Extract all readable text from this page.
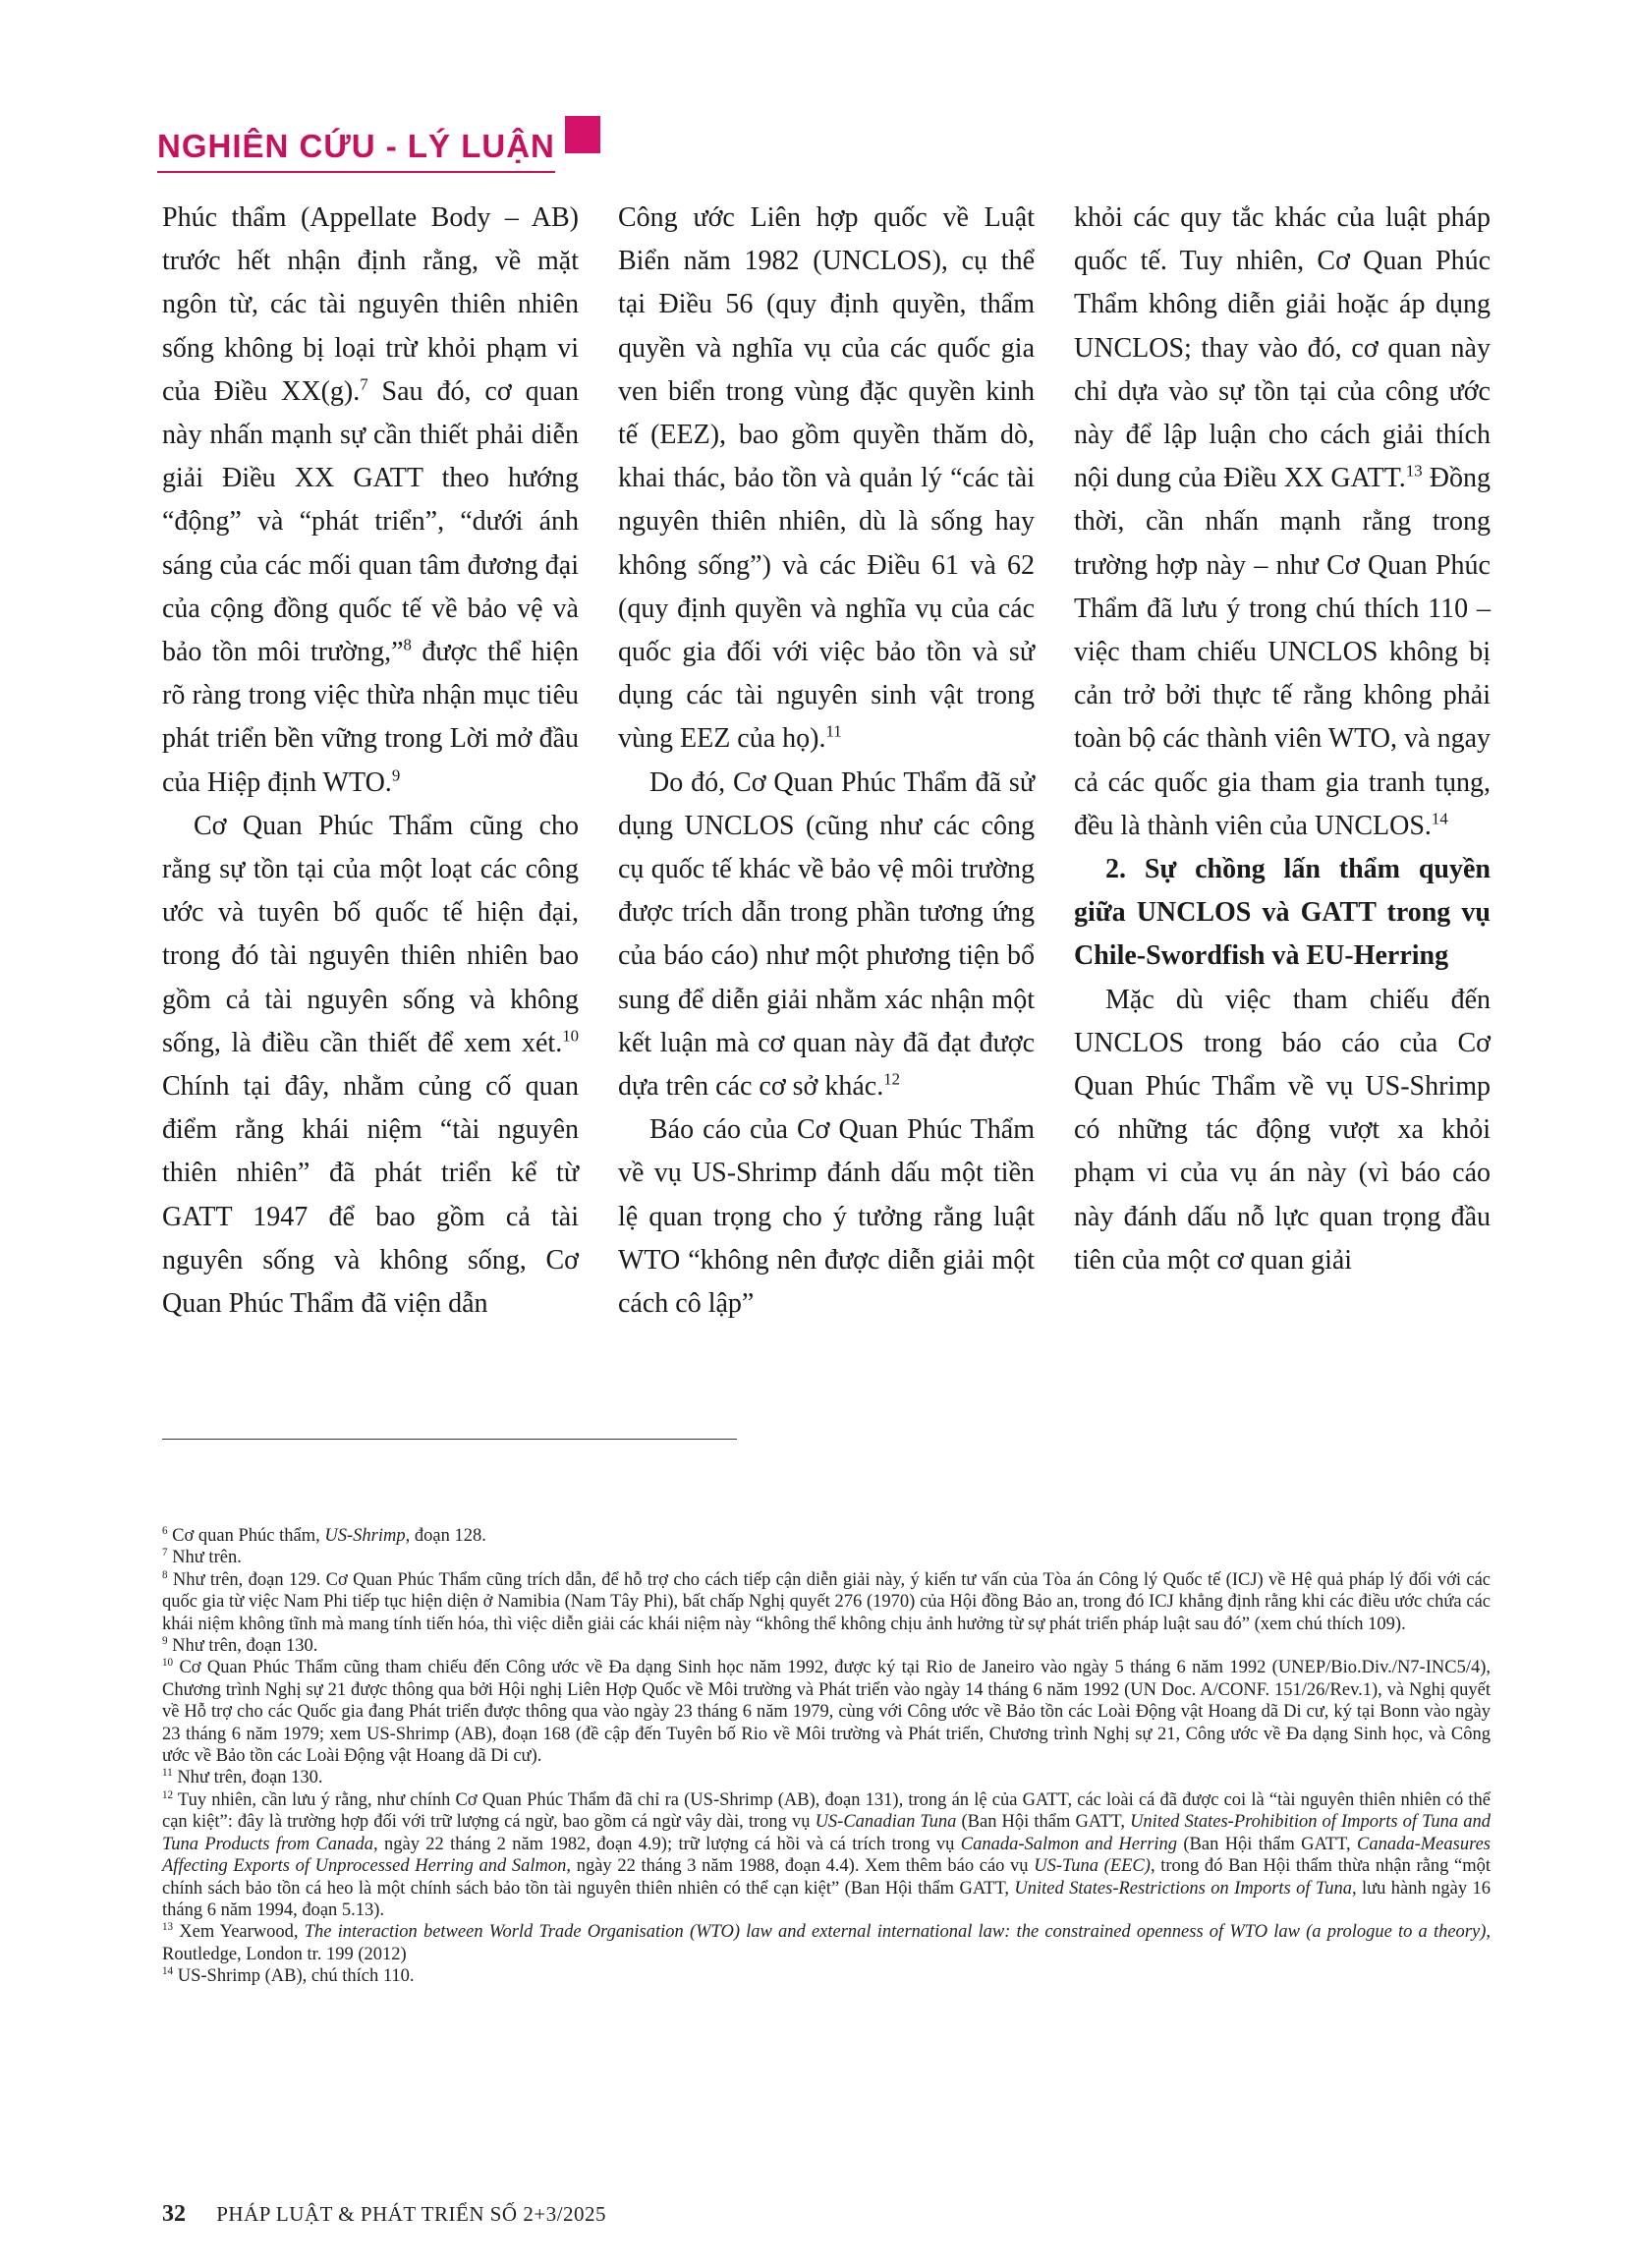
NGHIÊN CỨU - LÝ LUẬN

Phúc thẩm (Appellate Body – AB) trước hết nhận định rằng, về mặt ngôn từ, các tài nguyên thiên nhiên sống không bị loại trừ khỏi phạm vi của Điều XX(g).$^7$ Sau đó, cơ quan này nhấn mạnh sự cần thiết phải diễn giải Điều XX GATT theo hướng “động” và “phát triển”, “dưới ánh sáng của các mối quan tâm đương đại của cộng đồng quốc tế về bảo vệ và bảo tồn môi trường,”$^8$ được thể hiện rõ ràng trong việc thừa nhận mục tiêu phát triển bền vững trong Lời mở đầu của Hiệp định WTO.$^9$

Cơ Quan Phúc Thẩm cũng cho rằng sự tồn tại của một loạt các công ước và tuyên bố quốc tế hiện đại, trong đó tài nguyên thiên nhiên bao gồm cả tài nguyên sống và không sống, là điều cần thiết để xem xét.$^{10}$ Chính tại đây, nhằm củng cố quan điểm rằng khái niệm “tài nguyên thiên nhiên” đã phát triển kể từ GATT 1947 để bao gồm cả tài nguyên sống và không sống, Cơ Quan Phúc Thẩm đã viện dẫn

Công ước Liên hợp quốc về Luật Biển năm 1982 (UNCLOS), cụ thể tại Điều 56 (quy định quyền, thẩm quyền và nghĩa vụ của các quốc gia ven biển trong vùng đặc quyền kinh tế (EEZ), bao gồm quyền thăm dò, khai thác, bảo tồn và quản lý “các tài nguyên thiên nhiên, dù là sống hay không sống”) và các Điều 61 và 62 (quy định quyền và nghĩa vụ của các quốc gia đối với việc bảo tồn và sử dụng các tài nguyên sinh vật trong vùng EEZ của họ).$^{11}$

Do đó, Cơ Quan Phúc Thẩm đã sử dụng UNCLOS (cũng như các công cụ quốc tế khác về bảo vệ môi trường được trích dẫn trong phần tương ứng của báo cáo) như một phương tiện bổ sung để diễn giải nhằm xác nhận một kết luận mà cơ quan này đã đạt được dựa trên các cơ sở khác.$^{12}$

Báo cáo của Cơ Quan Phúc Thẩm về vụ US-Shrimp đánh dấu một tiền lệ quan trọng cho ý tưởng rằng luật WTO “không nên được diễn giải một cách cô lập”

khỏi các quy tắc khác của luật pháp quốc tế. Tuy nhiên, Cơ Quan Phúc Thẩm không diễn giải hoặc áp dụng UNCLOS; thay vào đó, cơ quan này chỉ dựa vào sự tồn tại của công ước này để lập luận cho cách giải thích nội dung của Điều XX GATT.$^{13}$ Đồng thời, cần nhấn mạnh rằng trong trường hợp này – như Cơ Quan Phúc Thẩm đã lưu ý trong chú thích 110 – việc tham chiếu UNCLOS không bị cản trở bởi thực tế rằng không phải toàn bộ các thành viên WTO, và ngay cả các quốc gia tham gia tranh tụng, đều là thành viên của UNCLOS.$^{14}$

2. Sự chồng lấn thẩm quyền giữa UNCLOS và GATT trong vụ Chile-Swordfish và EU-Herring

Mặc dù việc tham chiếu đến UNCLOS trong báo cáo của Cơ Quan Phúc Thẩm về vụ US-Shrimp có những tác động vượt xa khỏi phạm vi của vụ án này (vì báo cáo này đánh dấu nỗ lực quan trọng đầu tiên của một cơ quan giải

$^6$ Cơ quan Phúc thẩm, US-Shrimp, đoạn 128.

$^7$ Như trên.

$^8$ Như trên, đoạn 129. Cơ Quan Phúc Thẩm cũng trích dẫn, để hỗ trợ cho cách tiếp cận diễn giải này, ý kiến tư vấn của Tòa án Công lý Quốc tế (ICJ) về Hệ quả pháp lý đối với các quốc gia từ việc Nam Phi tiếp tục hiện diện ở Namibia (Nam Tây Phi), bất chấp Nghị quyết 276 (1970) của Hội đồng Bảo an, trong đó ICJ khẳng định rằng khi các điều ước chứa các khái niệm không tĩnh mà mang tính tiến hóa, thì việc diễn giải các khái niệm này “không thể không chịu ảnh hưởng từ sự phát triển pháp luật sau đó” (xem chú thích 109).

$^9$ Như trên, đoạn 130.

$^{10}$ Cơ Quan Phúc Thẩm cũng tham chiếu đến Công ước về Đa dạng Sinh học năm 1992, được ký tại Rio de Janeiro vào ngày 5 tháng 6 năm 1992 (UNEP/Bio.Div./N7-INC5/4), Chương trình Nghị sự 21 được thông qua bởi Hội nghị Liên Hợp Quốc về Môi trường và Phát triển vào ngày 14 tháng 6 năm 1992 (UN Doc. A/CONF. 151/26/Rev.1), và Nghị quyết về Hỗ trợ cho các Quốc gia đang Phát triển được thông qua vào ngày 23 tháng 6 năm 1979, cùng với Công ước về Bảo tồn các Loài Động vật Hoang dã Di cư, ký tại Bonn vào ngày 23 tháng 6 năm 1979; xem US-Shrimp (AB), đoạn 168 (đề cập đến Tuyên bố Rio về Môi trường và Phát triển, Chương trình Nghị sự 21, Công ước về Đa dạng Sinh học, và Công ước về Bảo tồn các Loài Động vật Hoang dã Di cư).

$^{11}$ Như trên, đoạn 130.

$^{12}$ Tuy nhiên, cần lưu ý rằng, như chính Cơ Quan Phúc Thẩm đã chỉ ra (US-Shrimp (AB), đoạn 131), trong án lệ của GATT, các loài cá đã được coi là “tài nguyên thiên nhiên có thể cạn kiệt”: đây là trường hợp đối với trữ lượng cá ngừ, bao gồm cá ngừ vây dài, trong vụ US-Canadian Tuna (Ban Hội thẩm GATT, United States-Prohibition of Imports of Tuna and Tuna Products from Canada, ngày 22 tháng 2 năm 1982, đoạn 4.9); trữ lượng cá hồi và cá trích trong vụ Canada-Salmon and Herring (Ban Hội thẩm GATT, Canada-Measures Affecting Exports of Unprocessed Herring and Salmon, ngày 22 tháng 3 năm 1988, đoạn 4.4). Xem thêm báo cáo vụ US-Tuna (EEC), trong đó Ban Hội thẩm thừa nhận rằng “một chính sách bảo tồn cá heo là một chính sách bảo tồn tài nguyên thiên nhiên có thể cạn kiệt” (Ban Hội thẩm GATT, United States-Restrictions on Imports of Tuna, lưu hành ngày 16 tháng 6 năm 1994, đoạn 5.13).

$^{13}$ Xem Yearwood, The interaction between World Trade Organisation (WTO) law and external international law: the constrained openness of WTO law (a prologue to a theory), Routledge, London tr. 199 (2012)

$^{14}$ US-Shrimp (AB), chú thích 110.

32 PHÁP LUẬT & PHÁT TRIỂN SỐ 2+3/2025
